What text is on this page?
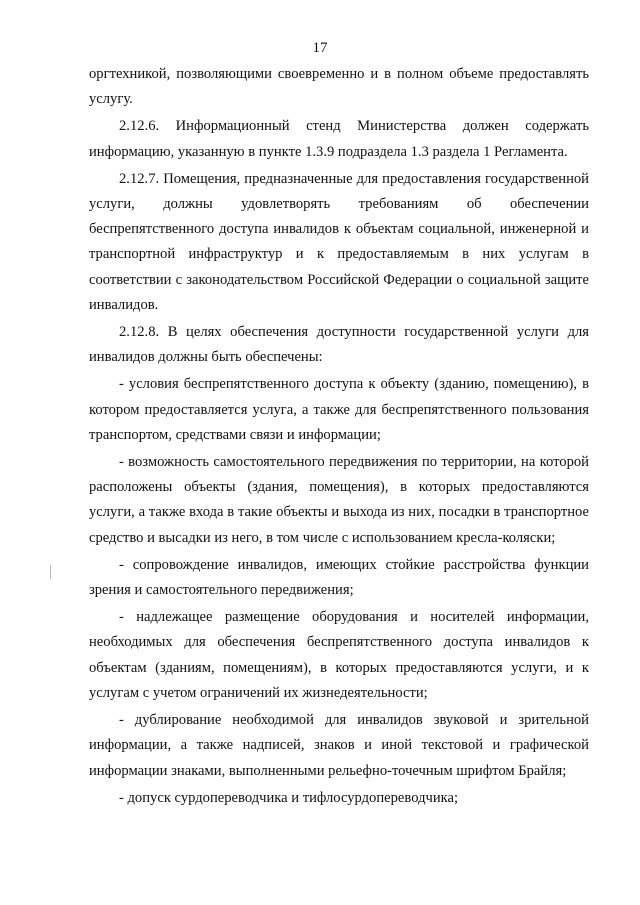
17

оргтехникой, позволяющими своевременно и в полном объеме предоставлять услугу.

2.12.6. Информационный стенд Министерства должен содержать информацию, указанную в пункте 1.3.9 подраздела 1.3 раздела 1 Регламента.

2.12.7. Помещения, предназначенные для предоставления государственной услуги, должны удовлетворять требованиям об обеспечении беспрепятственного доступа инвалидов к объектам социальной, инженерной и транспортной инфраструктур и к предоставляемым в них услугам в соответствии с законодательством Российской Федерации о социальной защите инвалидов.

2.12.8. В целях обеспечения доступности государственной услуги для инвалидов должны быть обеспечены:

- условия беспрепятственного доступа к объекту (зданию, помещению), в котором предоставляется услуга, а также для беспрепятственного пользования транспортом, средствами связи и информации;

- возможность самостоятельного передвижения по территории, на которой расположены объекты (здания, помещения), в которых предоставляются услуги, а также входа в такие объекты и выхода из них, посадки в транспортное средство и высадки из него, в том числе с использованием кресла-коляски;

- сопровождение инвалидов, имеющих стойкие расстройства функции зрения и самостоятельного передвижения;

- надлежащее размещение оборудования и носителей информации, необходимых для обеспечения беспрепятственного доступа инвалидов к объектам (зданиям, помещениям), в которых предоставляются услуги, и к услугам с учетом ограничений их жизнедеятельности;

- дублирование необходимой для инвалидов звуковой и зрительной информации, а также надписей, знаков и иной текстовой и графической информации знаками, выполненными рельефно-точечным шрифтом Брайля;

- допуск сурдопереводчика и тифлосурдопереводчика;
